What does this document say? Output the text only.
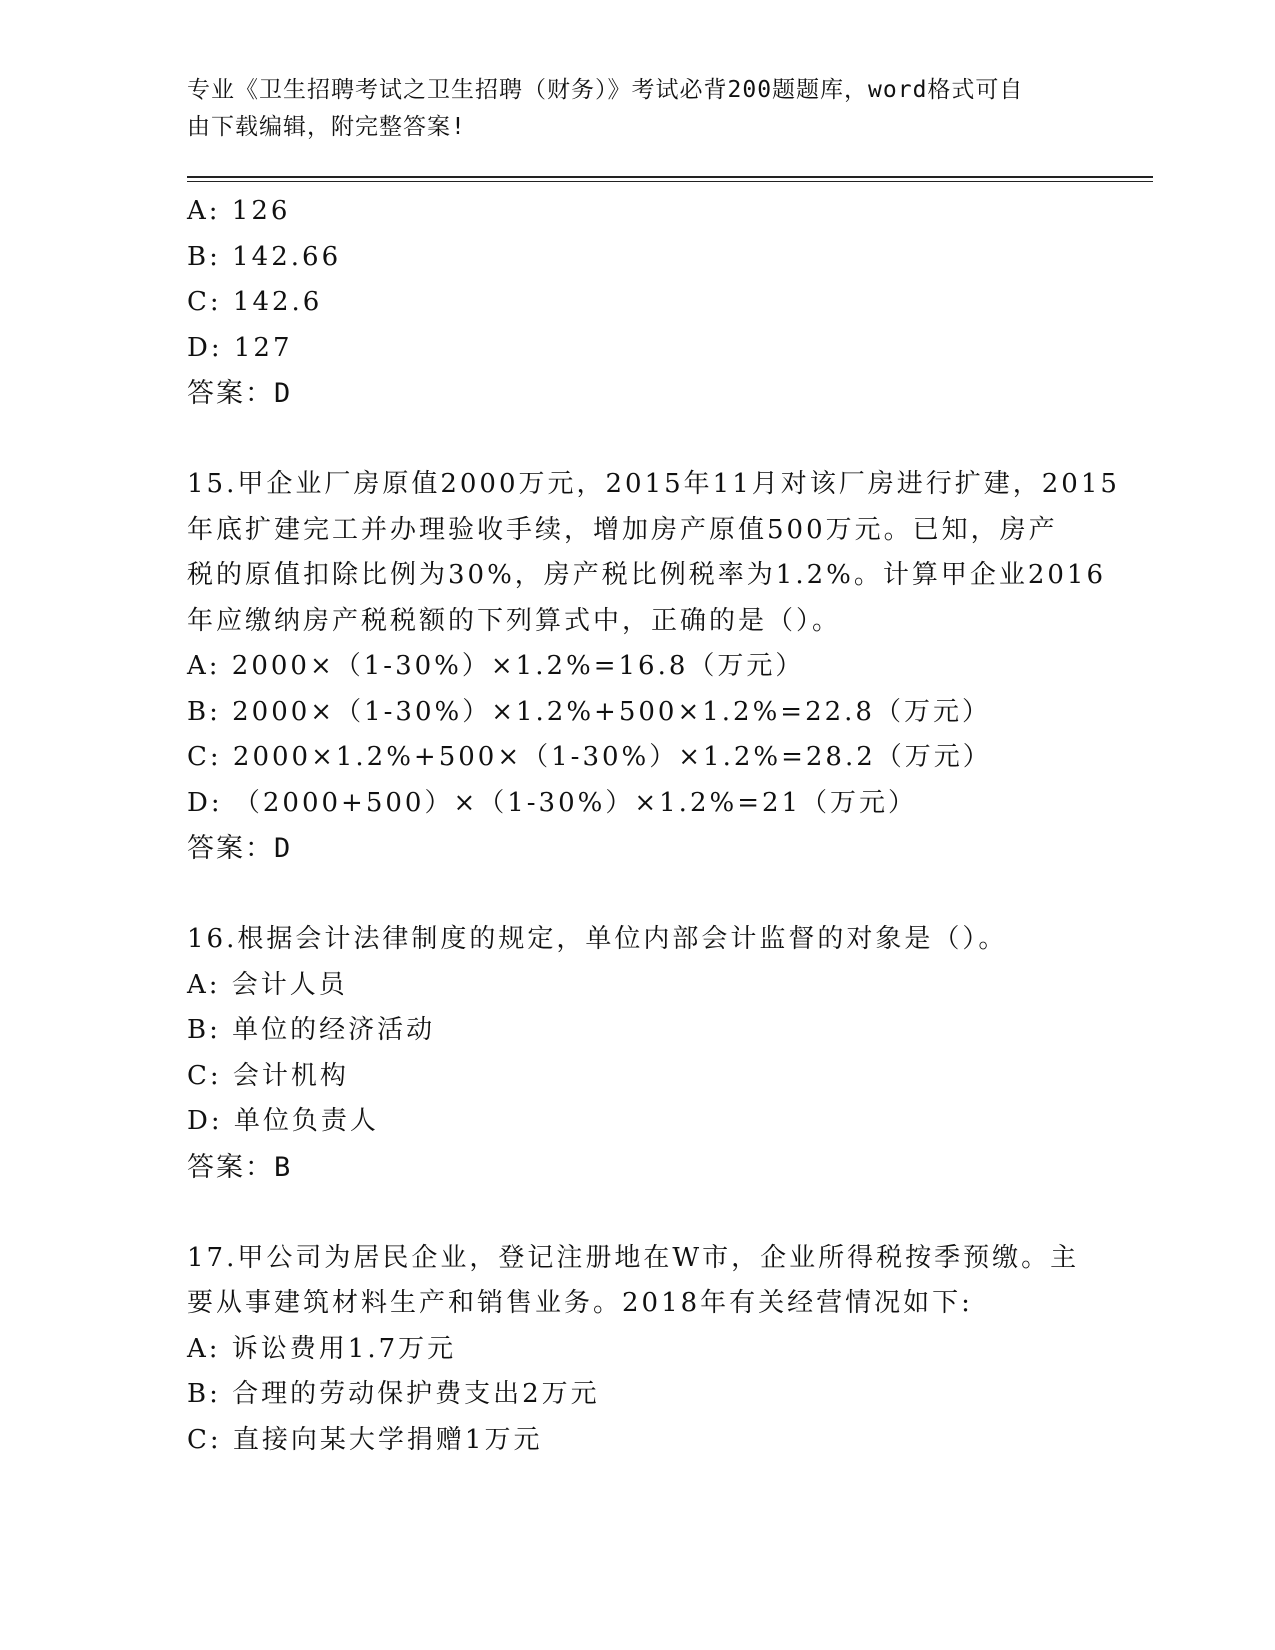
专业《卫生招聘考试之卫生招聘（财务）》考试必背200题题库，word格式可自
由下载编辑，附完整答案!
A: 126
B: 142.66
C: 142.6
D: 127
答案：D
15.甲企业厂房原值2000万元，2015年11月对该厂房进行扩建，2015
年底扩建完工并办理验收手续，增加房产原值500万元。已知，房产
税的原值扣除比例为30%，房产税比例税率为1.2%。计算甲企业2016
年应缴纳房产税税额的下列算式中，正确的是（）。
A: 2000×（1-30%）×1.2%=16.8（万元）
B: 2000×（1-30%）×1.2%+500×1.2%=22.8（万元）
C: 2000×1.2%+500×（1-30%）×1.2%=28.2（万元）
D: （2000+500）×（1-30%）×1.2%=21（万元）
答案：D
16.根据会计法律制度的规定，单位内部会计监督的对象是（）。
A: 会计人员
B: 单位的经济活动
C: 会计机构
D: 单位负责人
答案：B
17.甲公司为居民企业，登记注册地在W市，企业所得税按季预缴。主
要从事建筑材料生产和销售业务。2018年有关经营情况如下:
A: 诉讼费用1.7万元
B: 合理的劳动保护费支出2万元
C: 直接向某大学捐赠1万元
